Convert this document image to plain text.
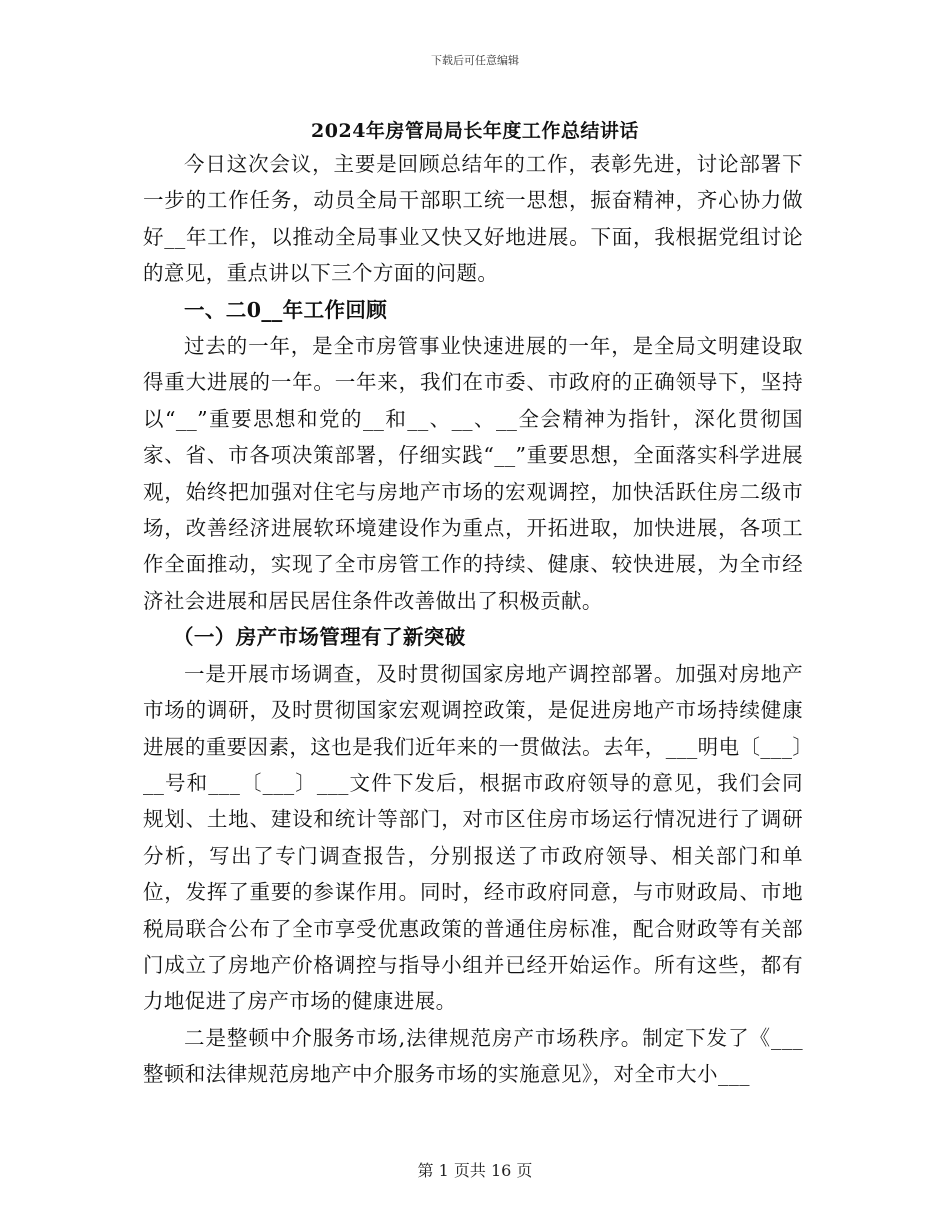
下载后可任意编辑
2024年房管局局长年度工作总结讲话

今日这次会议，主要是回顾总结年的工作，表彰先进，讨论部署下一步的工作任务，动员全局干部职工统一思想，振奋精神，齐心协力做好__年工作，以推动全局事业又快又好地进展。下面，我根据党组讨论的意见，重点讲以下三个方面的问题。

一、二0__年工作回顾

过去的一年，是全市房管事业快速进展的一年，是全局文明建设取得重大进展的一年。一年来，我们在市委、市政府的正确领导下，坚持以“__”重要思想和党的__和__、__、__全会精神为指针，深化贯彻国家、省、市各项决策部署，仔细实践“__”重要思想，全面落实科学进展观，始终把加强对住宅与房地产市场的宏观调控，加快活跃住房二级市场，改善经济进展软环境建设作为重点，开拓进取，加快进展，各项工作全面推动，实现了全市房管工作的持续、健康、较快进展，为全市经济社会进展和居民居住条件改善做出了积极贡献。

（一）房产市场管理有了新突破

一是开展市场调查，及时贯彻国家房地产调控部署。加强对房地产市场的调研，及时贯彻国家宏观调控政策，是促进房地产市场持续健康进展的重要因素，这也是我们近年来的一贯做法。去年，___明电〔___〕__号和___〔___〕___文件下发后，根据市政府领导的意见，我们会同规划、土地、建设和统计等部门，对市区住房市场运行情况进行了调研分析，写出了专门调查报告，分别报送了市政府领导、相关部门和单位，发挥了重要的参谋作用。同时，经市政府同意，与市财政局、市地税局联合公布了全市享受优惠政策的普通住房标准，配合财政等有关部门成立了房地产价格调控与指导小组并已经开始运作。所有这些，都有力地促进了房产市场的健康进展。

二是整顿中介服务市场,法律规范房产市场秩序。制定下发了《___整顿和法律规范房地产中介服务市场的实施意见》，对全市大小___

第 1 页共 16 页
